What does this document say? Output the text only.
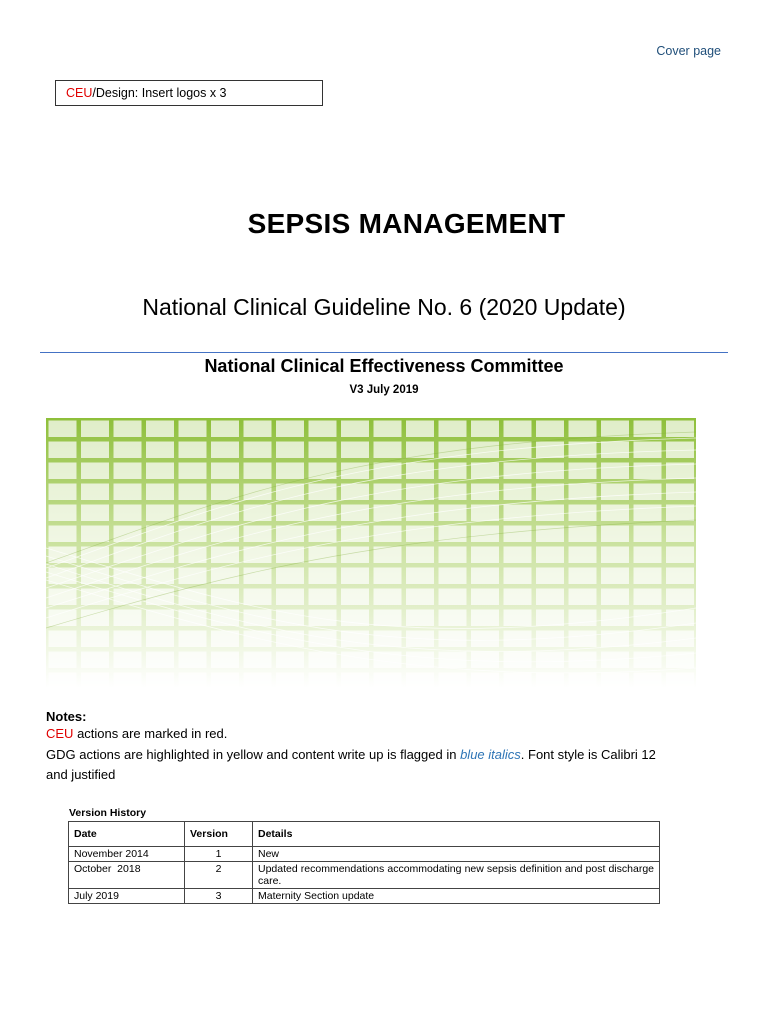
Cover page
CEU/Design: Insert logos x 3
SEPSIS MANAGEMENT
National Clinical Guideline No. 6 (2020 Update)
National Clinical Effectiveness Committee
V3 July 2019
Notes:
CEU actions are marked in red.
GDG actions are highlighted in yellow and content write up is flagged in blue italics. Font style is Calibri 12
and justified
Version History
Date	Version	Details
November 2014	1	New
October  2018	2	Updated recommendations accommodating new sepsis definition and post discharge care.
July 2019	3	Maternity Section update
